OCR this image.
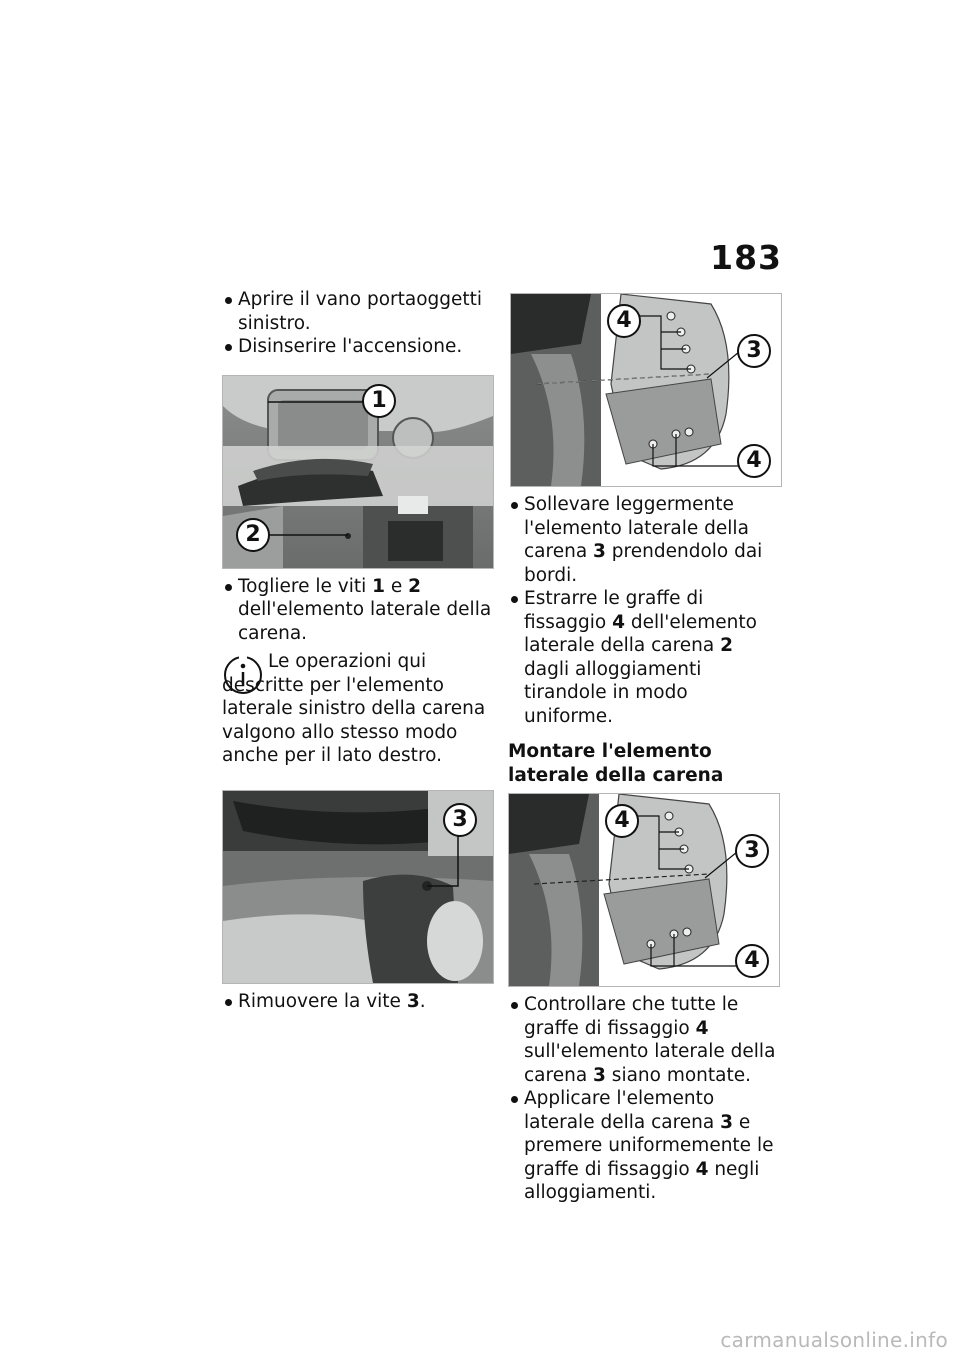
183

Aprire il vano portaoggetti sinistro.

Disinserire l'accensione.

1
2

Togliere le viti 1 e 2 dell'elemento laterale della carena.

Le operazioni qui descritte per l'elemento laterale sinistro della carena valgono allo stesso modo anche per il lato destro.

3

Rimuovere la vite 3.

4
3
4

Sollevare leggermente l'elemento laterale della carena 3 prendendolo dai bordi.

Estrarre le graffe di fissaggio 4 dell'elemento laterale della carena 2 dagli alloggiamenti tirandole in modo uniforme.

Montare l'elemento laterale della carena
4
3
4

Controllare che tutte le graffe di fissaggio 4 sull'elemento laterale della carena 3 siano montate.

Applicare l'elemento laterale della carena 3 e premere uniformemente le graffe di fissaggio 4 negli alloggiamenti.

carmanualsonline.info
